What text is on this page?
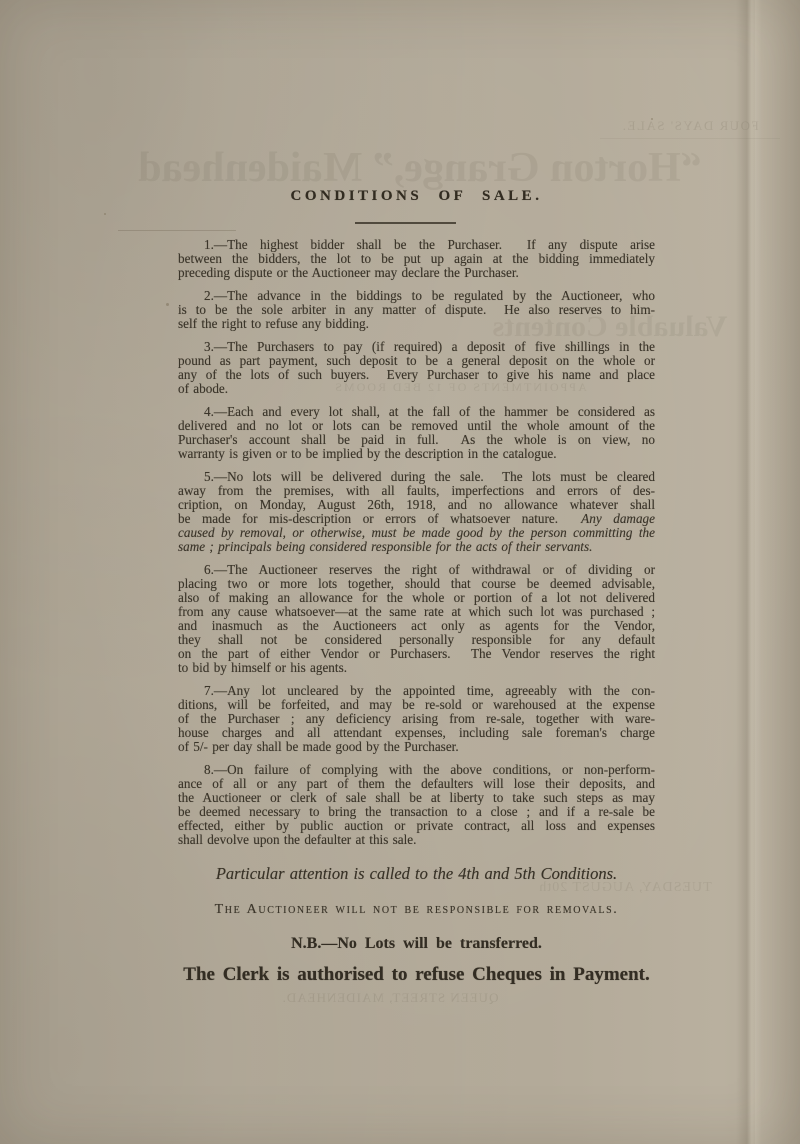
FOUR DAYS' SALE.
“Horton Grange,” Maidenhead
Valuable Contents
APPOINTMENTS OF 12 BED ROOMS
TUESDAY, AUGUST 20th
QUEEN STREET, MAIDENHEAD.
CONDITIONS OF SALE.
1.—The highest bidder shall be the Purchaser.  If any dispute arise
between the bidders, the lot to be put up again at the bidding immediately
preceding dispute or the Auctioneer may declare the Purchaser.
2.—The advance in the biddings to be regulated by the Auctioneer, who
is to be the sole arbiter in any matter of dispute.  He also reserves to him-
self the right to refuse any bidding.
3.—The Purchasers to pay (if required) a deposit of five shillings in the
pound as part payment, such deposit to be a general deposit on the whole or
any of the lots of such buyers.  Every Purchaser to give his name and place
of abode.
4.—Each and every lot shall, at the fall of the hammer be considered as
delivered and no lot or lots can be removed until the whole amount of the
Purchaser's account shall be paid in full.  As the whole is on view, no
warranty is given or to be implied by the description in the catalogue.
5.—No lots will be delivered during the sale.  The lots must be cleared
away from the premises, with all faults, imperfections and errors of des-
cription, on Monday, August 26th, 1918, and no allowance whatever shall
be made for mis-description or errors of whatsoever nature.  Any damage
caused by removal, or otherwise, must be made good by the person committing the
same ; principals being considered responsible for the acts of their servants.
6.—The Auctioneer reserves the right of withdrawal or of dividing or
placing two or more lots together, should that course be deemed advisable,
also of making an allowance for the whole or portion of a lot not delivered
from any cause whatsoever—at the same rate at which such lot was purchased ;
and inasmuch as the Auctioneers act only as agents for the Vendor,
they shall not be considered personally responsible for any default
on the part of either Vendor or Purchasers.  The Vendor reserves the right
to bid by himself or his agents.
7.—Any lot uncleared by the appointed time, agreeably with the con-
ditions, will be forfeited, and may be re-sold or warehoused at the expense
of the Purchaser ; any deficiency arising from re-sale, together with ware-
house charges and all attendant expenses, including sale foreman's charge
of 5/- per day shall be made good by the Purchaser.
8.—On failure of complying with the above conditions, or non-perform-
ance of all or any part of them the defaulters will lose their deposits, and
the Auctioneer or clerk of sale shall be at liberty to take such steps as may
be deemed necessary to bring the transaction to a close ; and if a re-sale be
effected, either by public auction or private contract, all loss and expenses
shall devolve upon the defaulter at this sale.
Particular attention is called to the 4th and 5th Conditions.
The Auctioneer will not be responsible for removals.
N.B.—No Lots will be transferred.
The Clerk is authorised to refuse Cheques in Payment.
